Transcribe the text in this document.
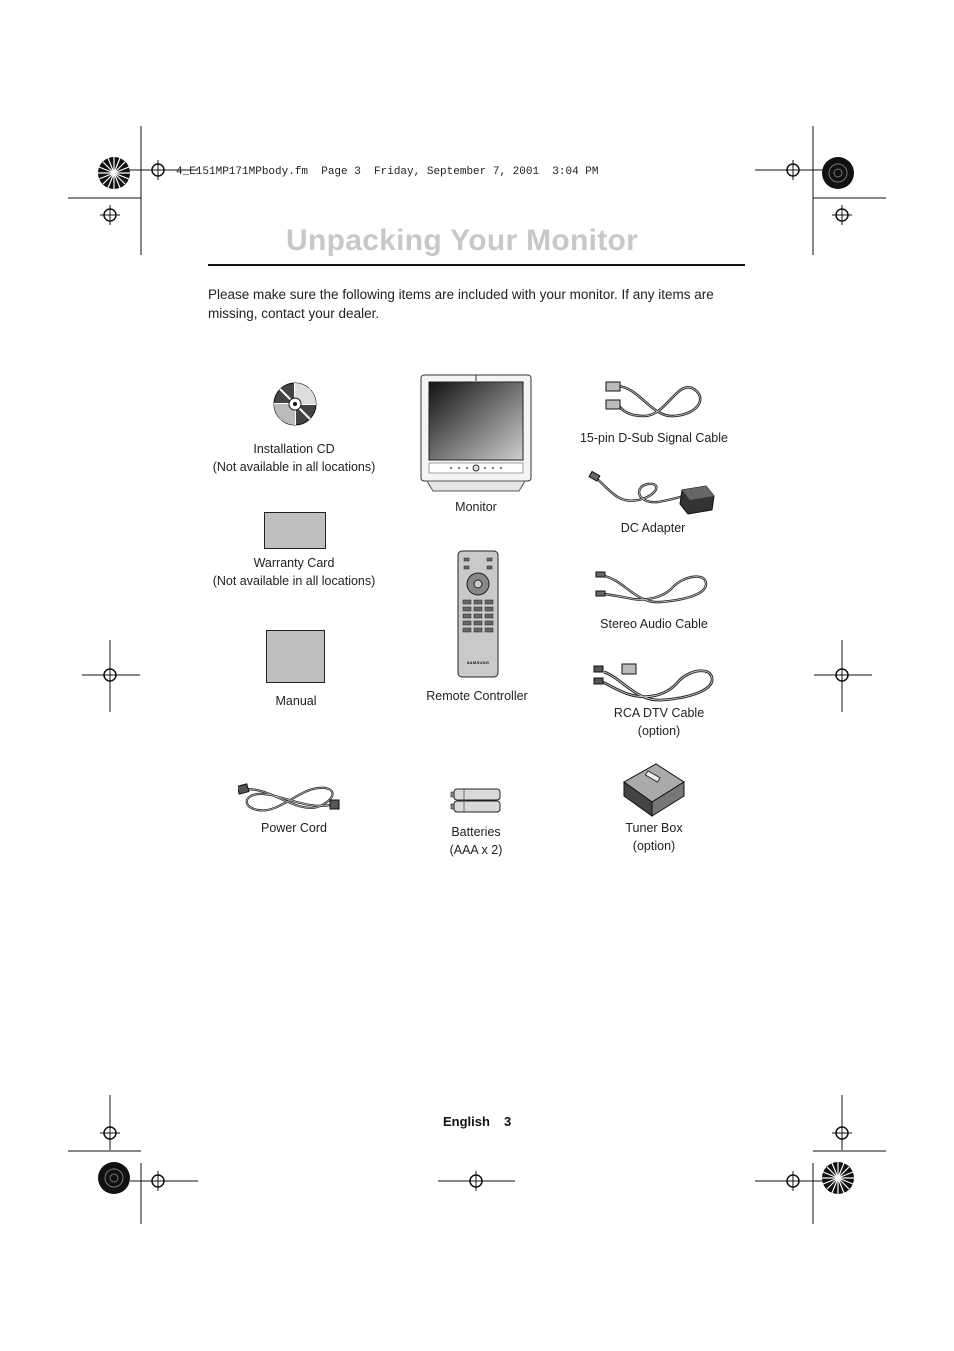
4_E151MP171MPbody.fm  Page 3  Friday, September 7, 2001  3:04 PM
Unpacking Your Monitor

Please make sure the following items are included with your monitor. If any items are missing, contact your dealer.

Installation CD
(Not available in all locations)
Warranty Card
(Not available in all locations)
Manual
Power Cord
Monitor
SAMSUNG
Remote Controller
Batteries
(AAA x 2)
15-pin D-Sub Signal Cable
DC Adapter
Stereo Audio Cable
RCA DTV Cable
(option)
Tuner Box
(option)
English 3
